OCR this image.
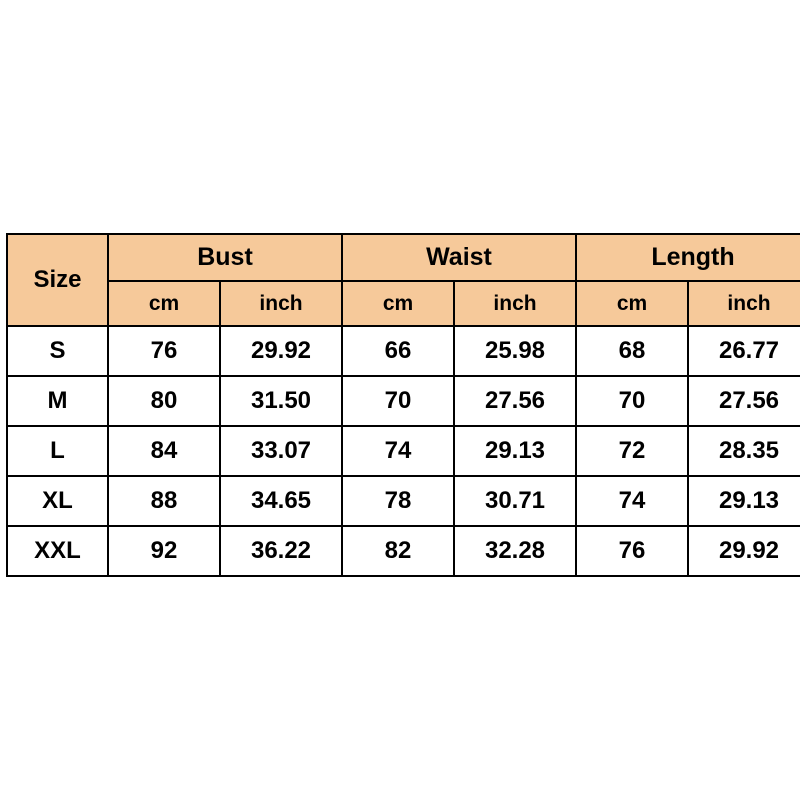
Size	Bust		Waist		Length	
	cm	inch	cm	inch	cm	inch
S	76	29.92	66	25.98	68	26.77
M	80	31.50	70	27.56	70	27.56
L	84	33.07	74	29.13	72	28.35
XL	88	34.65	78	30.71	74	29.13
XXL	92	36.22	82	32.28	76	29.92
